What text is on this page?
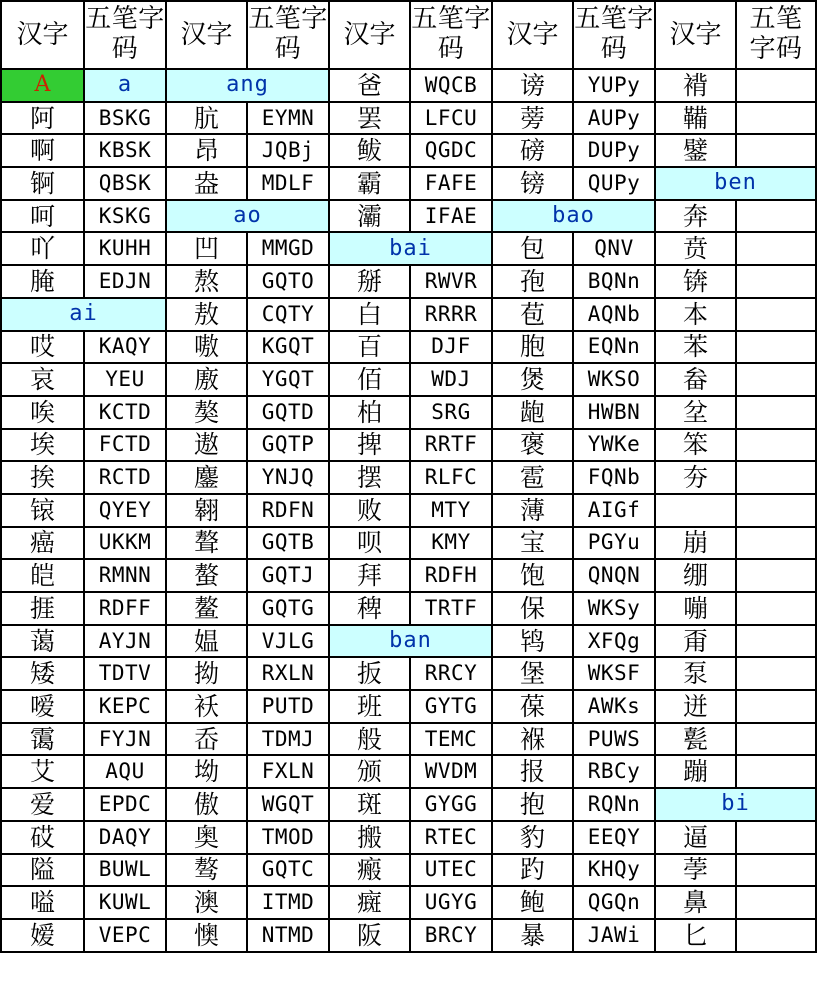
汉字	五笔字码	汉字	五笔字码	汉字	五笔字码	汉字	五笔字码	汉字	五笔字码
A	a	ang		爸	WQCB	谤	YUPy	褙	
阿	BSKG	肮	EYMN	罢	LFCU	蒡	AUPy	鞴	
啊	KBSK	昂	JQBj	鲅	QGDC	磅	DUPy	鐾	
锕	QBSK	盎	MDLF	霸	FAFE	镑	QUPy	ben	
呵	KSKG	ao		灞	IFAE	bao		奔	
吖	KUHH	凹	MMGD	bai		包	QNV	贲	
腌	EDJN	熬	GQTO	掰	RWVR	孢	BQNn	锛	
ai		敖	CQTY	白	RRRR	苞	AQNb	本	
哎	KAQY	嗷	KGQT	百	DJF	胞	EQNn	苯	
哀	YEU	廒	YGQT	佰	WDJ	煲	WKSO	畚	
唉	KCTD	獒	GQTD	柏	SRG	龅	HWBN	坌	
埃	FCTD	遨	GQTP	捭	RRTF	褒	YWKe	笨	
挨	RCTD	鏖	YNJQ	摆	RLFC	雹	FQNb	夯	
锿	QYEY	翱	RDFN	败	MTY	薄	AIGf		
癌	UKKM	聱	GQTB	呗	KMY	宝	PGYu	崩	
皑	RMNN	螯	GQTJ	拜	RDFH	饱	QNQN	绷	
捱	RDFF	鳌	GQTG	稗	TRTF	保	WKSy	嘣	
蔼	AYJN	媪	VJLG	ban		鸨	XFQg	甭	
矮	TDTV	拗	RXLN	扳	RRCY	堡	WKSF	泵	
嗳	KEPC	袄	PUTD	班	GYTG	葆	AWKs	迸	
霭	FYJN	岙	TDMJ	般	TEMC	褓	PUWS	甏	
艾	AQU	坳	FXLN	颁	WVDM	报	RBCy	蹦	
爱	EPDC	傲	WGQT	斑	GYGG	抱	RQNn	bi	
砹	DAQY	奥	TMOD	搬	RTEC	豹	EEQY	逼	
隘	BUWL	骜	GQTC	瘢	UTEC	趵	KHQy	荸	
嗌	KUWL	澳	ITMD	癍	UGYG	鲍	QGQn	鼻	
嫒	VEPC	懊	NTMD	阪	BRCY	暴	JAWi	匕	
